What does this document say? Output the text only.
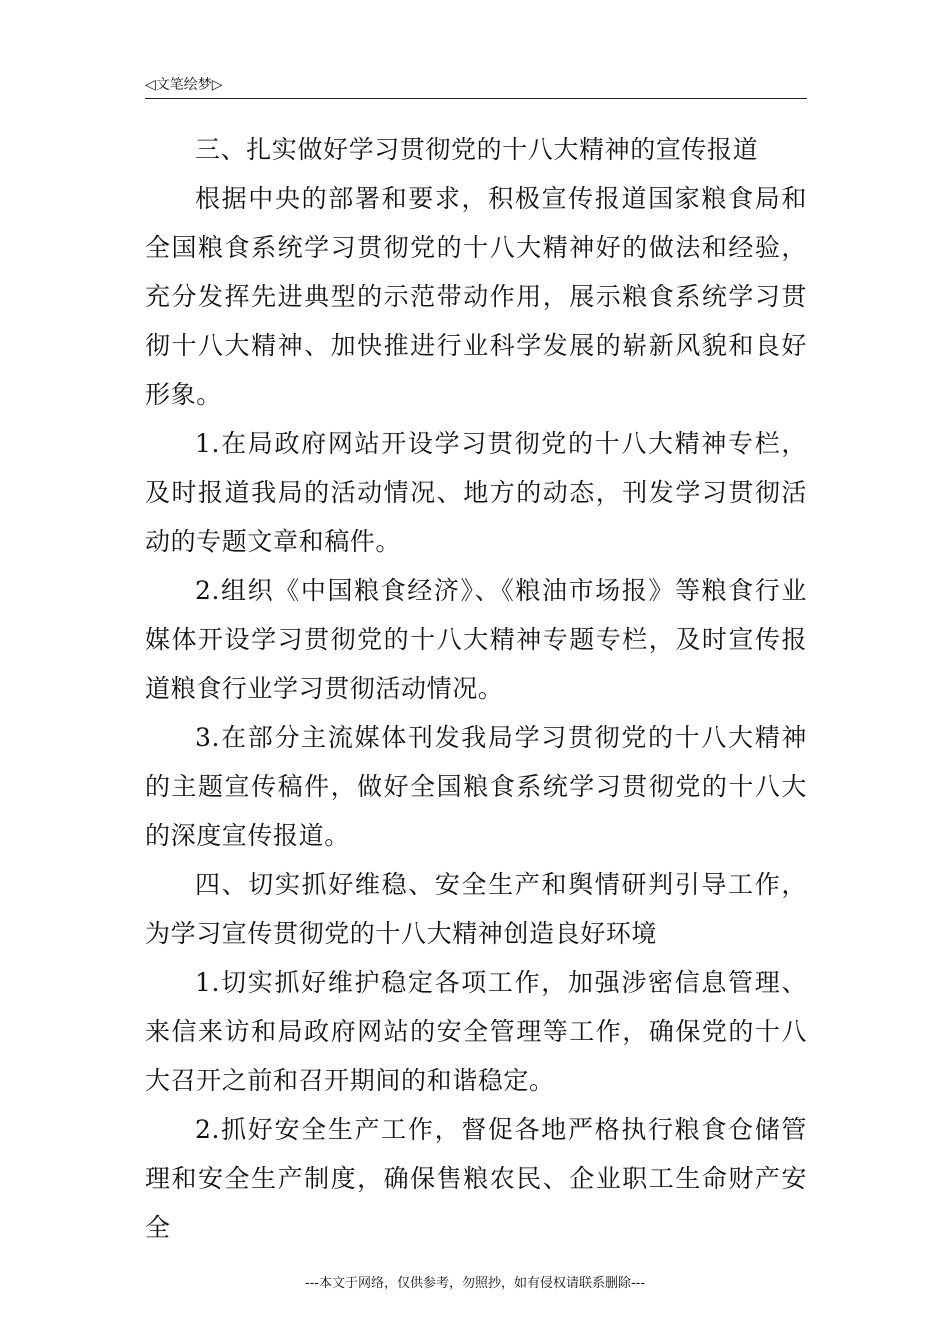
◁文笔绘梦▷

三、扎实做好学习贯彻党的十八大精神的宣传报道

根据中央的部署和要求，积极宣传报道国家粮食局和全国粮食系统学习贯彻党的十八大精神好的做法和经验，充分发挥先进典型的示范带动作用，展示粮食系统学习贯彻十八大精神、加快推进行业科学发展的崭新风貌和良好形象。

1.在局政府网站开设学习贯彻党的十八大精神专栏，及时报道我局的活动情况、地方的动态，刊发学习贯彻活动的专题文章和稿件。

2.组织《中国粮食经济》、《粮油市场报》等粮食行业媒体开设学习贯彻党的十八大精神专题专栏，及时宣传报道粮食行业学习贯彻活动情况。

3.在部分主流媒体刊发我局学习贯彻党的十八大精神的主题宣传稿件，做好全国粮食系统学习贯彻党的十八大的深度宣传报道。

四、切实抓好维稳、安全生产和舆情研判引导工作，为学习宣传贯彻党的十八大精神创造良好环境

1.切实抓好维护稳定各项工作，加强涉密信息管理、来信来访和局政府网站的安全管理等工作，确保党的十八大召开之前和召开期间的和谐稳定。

2.抓好安全生产工作，督促各地严格执行粮食仓储管理和安全生产制度，确保售粮农民、企业职工生命财产安全

---本文于网络，仅供参考，勿照抄，如有侵权请联系删除---
